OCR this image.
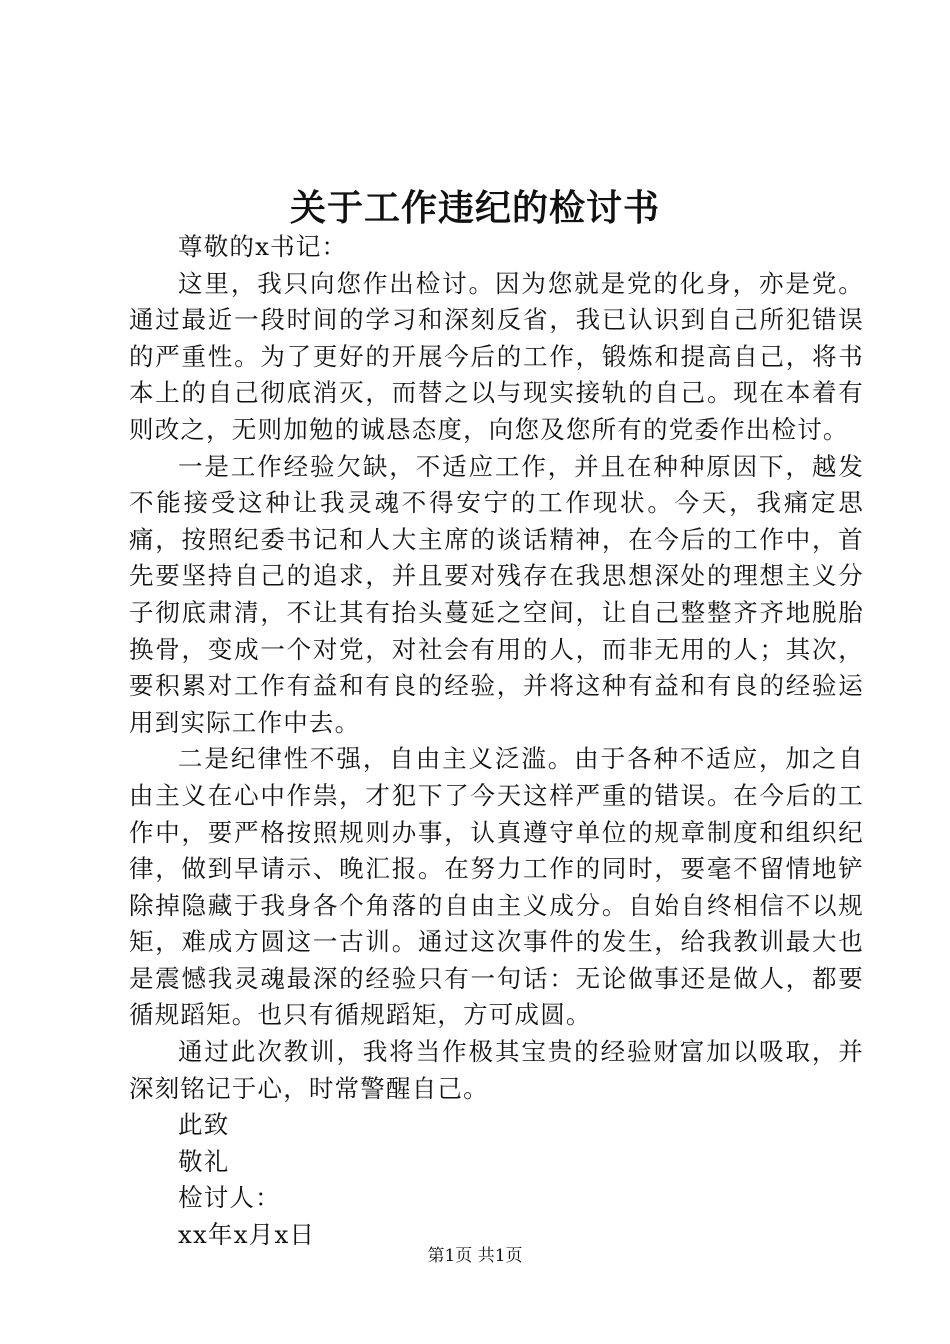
关于工作违纪的检讨书

尊敬的x书记：

这里，我只向您作出检讨。因为您就是党的化身，亦是党。通过最近一段时间的学习和深刻反省，我已认识到自己所犯错误的严重性。为了更好的开展今后的工作，锻炼和提高自己，将书本上的自己彻底消灭，而替之以与现实接轨的自己。现在本着有则改之，无则加勉的诚恳态度，向您及您所有的党委作出检讨。

一是工作经验欠缺，不适应工作，并且在种种原因下，越发不能接受这种让我灵魂不得安宁的工作现状。今天，我痛定思痛，按照纪委书记和人大主席的谈话精神，在今后的工作中，首先要坚持自己的追求，并且要对残存在我思想深处的理想主义分子彻底肃清，不让其有抬头蔓延之空间，让自己整整齐齐地脱胎换骨，变成一个对党，对社会有用的人，而非无用的人；其次，要积累对工作有益和有良的经验，并将这种有益和有良的经验运用到实际工作中去。

二是纪律性不强，自由主义泛滥。由于各种不适应，加之自由主义在心中作祟，才犯下了今天这样严重的错误。在今后的工作中，要严格按照规则办事，认真遵守单位的规章制度和组织纪律，做到早请示、晚汇报。在努力工作的同时，要毫不留情地铲除掉隐藏于我身各个角落的自由主义成分。自始自终相信不以规矩，难成方圆这一古训。通过这次事件的发生，给我教训最大也是震憾我灵魂最深的经验只有一句话：无论做事还是做人，都要循规蹈矩。也只有循规蹈矩，方可成圆。

通过此次教训，我将当作极其宝贵的经验财富加以吸取，并深刻铭记于心，时常警醒自己。

此致

敬礼

检讨人：

xx年x月x日

第1页 共1页
